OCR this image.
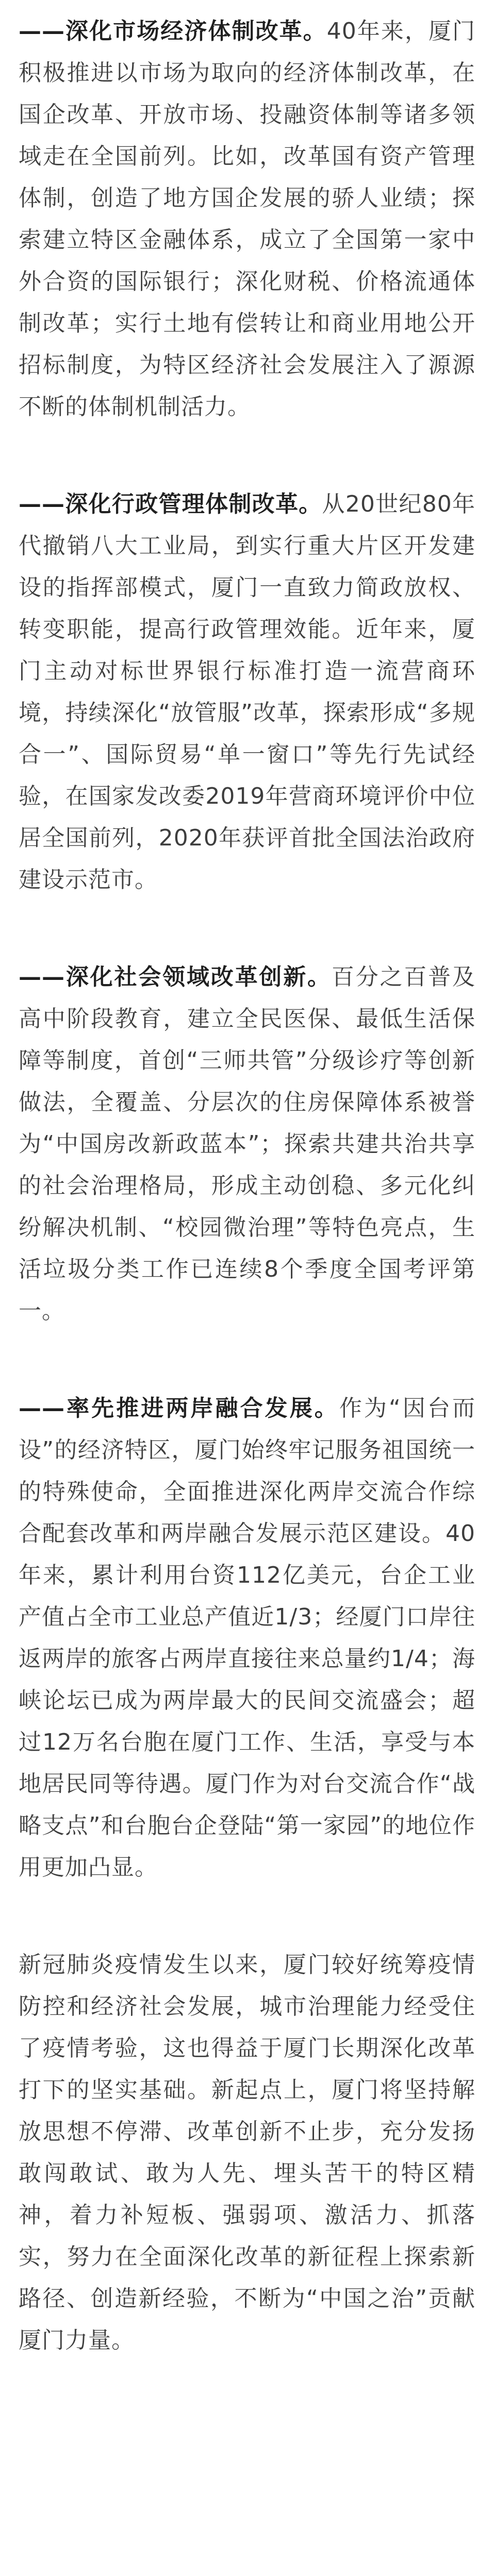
——深化市场经济体制改革。40年来，厦门积极推进以市场为取向的经济体制改革，在国企改革、开放市场、投融资体制等诸多领域走在全国前列。比如，改革国有资产管理体制，创造了地方国企发展的骄人业绩；探索建立特区金融体系，成立了全国第一家中外合资的国际银行；深化财税、价格流通体制改革；实行土地有偿转让和商业用地公开招标制度，为特区经济社会发展注入了源源不断的体制机制活力。

——深化行政管理体制改革。从20世纪80年代撤销八大工业局，到实行重大片区开发建设的指挥部模式，厦门一直致力简政放权、转变职能，提高行政管理效能。近年来，厦门主动对标世界银行标准打造一流营商环境，持续深化“放管服”改革，探索形成“多规合一”、国际贸易“单一窗口”等先行先试经验，在国家发改委2019年营商环境评价中位居全国前列，2020年获评首批全国法治政府建设示范市。

——深化社会领域改革创新。百分之百普及高中阶段教育，建立全民医保、最低生活保障等制度，首创“三师共管”分级诊疗等创新做法，全覆盖、分层次的住房保障体系被誉为“中国房改新政蓝本”；探索共建共治共享的社会治理格局，形成主动创稳、多元化纠纷解决机制、“校园微治理”等特色亮点，生活垃圾分类工作已连续8个季度全国考评第一。

——率先推进两岸融合发展。作为“因台而设”的经济特区，厦门始终牢记服务祖国统一的特殊使命，全面推进深化两岸交流合作综合配套改革和两岸融合发展示范区建设。40年来，累计利用台资112亿美元，台企工业产值占全市工业总产值近1/3；经厦门口岸往返两岸的旅客占两岸直接往来总量约1/4；海峡论坛已成为两岸最大的民间交流盛会；超过12万名台胞在厦门工作、生活，享受与本地居民同等待遇。厦门作为对台交流合作“战略支点”和台胞台企登陆“第一家园”的地位作用更加凸显。

新冠肺炎疫情发生以来，厦门较好统筹疫情防控和经济社会发展，城市治理能力经受住了疫情考验，这也得益于厦门长期深化改革打下的坚实基础。新起点上，厦门将坚持解放思想不停滞、改革创新不止步，充分发扬敢闯敢试、敢为人先、埋头苦干的特区精神，着力补短板、强弱项、激活力、抓落实，努力在全面深化改革的新征程上探索新路径、创造新经验，不断为“中国之治”贡献厦门力量。
